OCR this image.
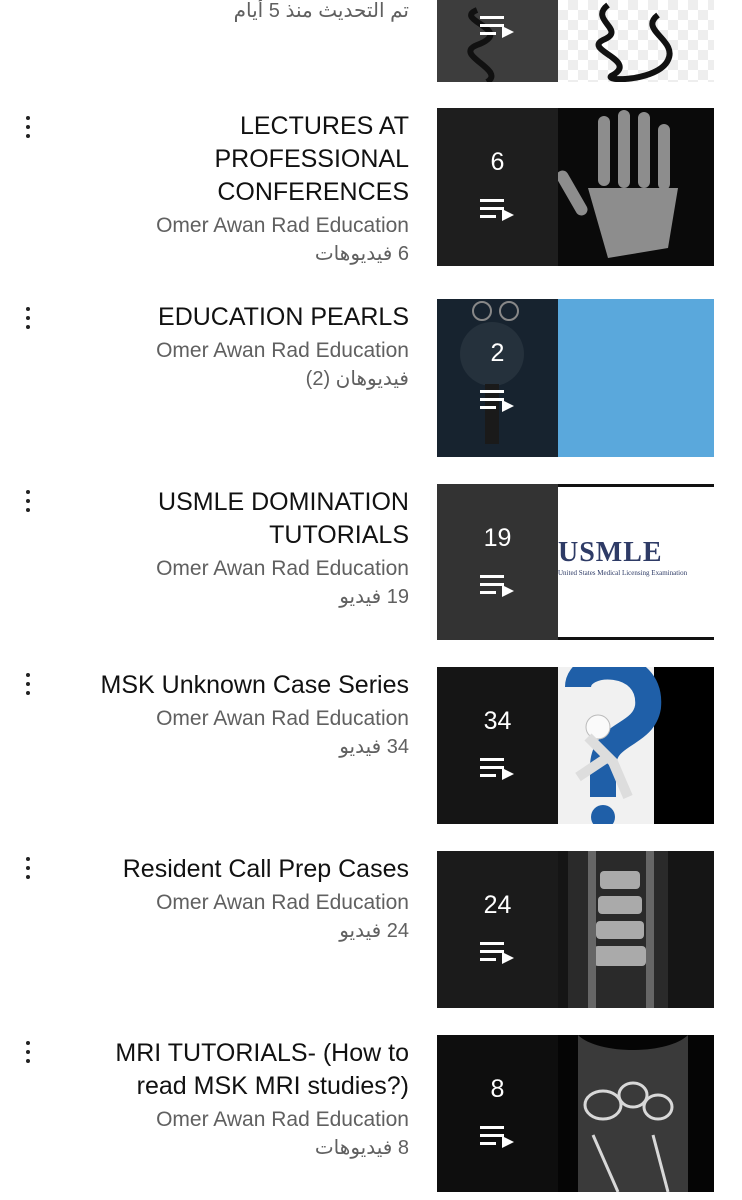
تم التحديث منذ 5 أيام
LECTURES AT
PROFESSIONAL
CONFERENCES
Omer Awan Rad Education
6 فيديوهات
6
EDUCATION PEARLS
Omer Awan Rad Education
فيديوهان (2)
2
USMLE DOMINATION
TUTORIALS
Omer Awan Rad Education
19 فيديو
USMLE
United States Medical Licensing Examination
19
MSK Unknown Case Series
Omer Awan Rad Education
34 فيديو
34
Resident Call Prep Cases
Omer Awan Rad Education
24 فيديو
24
MRI TUTORIALS- (How to
read MSK MRI studies?)
Omer Awan Rad Education
8 فيديوهات
8
